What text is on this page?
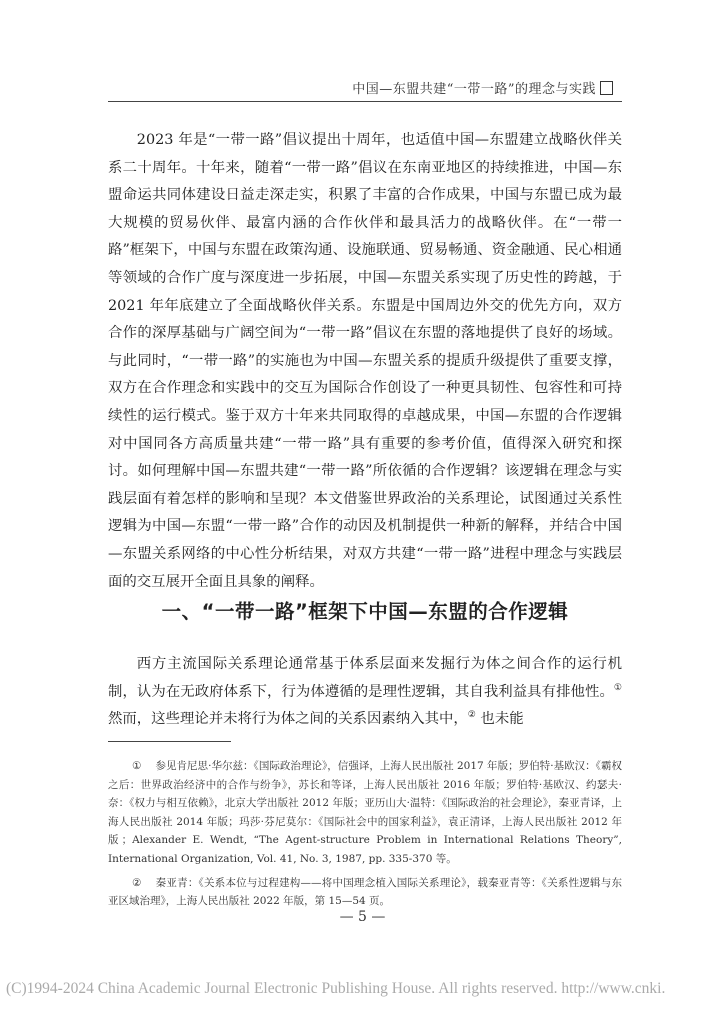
中国—东盟共建“一带一路”的理念与实践

2023 年是“一带一路”倡议提出十周年，也适值中国—东盟建立战略伙伴关系二十周年。十年来，随着“一带一路”倡议在东南亚地区的持续推进，中国—东盟命运共同体建设日益走深走实，积累了丰富的合作成果，中国与东盟已成为最大规模的贸易伙伴、最富内涵的合作伙伴和最具活力的战略伙伴。在“一带一路”框架下，中国与东盟在政策沟通、设施联通、贸易畅通、资金融通、民心相通等领域的合作广度与深度进一步拓展，中国—东盟关系实现了历史性的跨越，于 2021 年年底建立了全面战略伙伴关系。东盟是中国周边外交的优先方向，双方合作的深厚基础与广阔空间为“一带一路”倡议在东盟的落地提供了良好的场域。与此同时，“一带一路”的实施也为中国—东盟关系的提质升级提供了重要支撑，双方在合作理念和实践中的交互为国际合作创设了一种更具韧性、包容性和可持续性的运行模式。鉴于双方十年来共同取得的卓越成果，中国—东盟的合作逻辑对中国同各方高质量共建“一带一路”具有重要的参考价值，值得深入研究和探讨。如何理解中国—东盟共建“一带一路”所依循的合作逻辑？该逻辑在理念与实践层面有着怎样的影响和呈现？本文借鉴世界政治的关系理论，试图通过关系性逻辑为中国—东盟“一带一路”合作的动因及机制提供一种新的解释，并结合中国—东盟关系网络的中心性分析结果，对双方共建“一带一路”进程中理念与实践层面的交互展开全面且具象的阐释。

一、“一带一路”框架下中国—东盟的合作逻辑

西方主流国际关系理论通常基于体系层面来发掘行为体之间合作的运行机制，认为在无政府体系下，行为体遵循的是理性逻辑，其自我利益具有排他性。① 然而，这些理论并未将行为体之间的关系因素纳入其中，② 也未能

① 参见肯尼思·华尔兹：《国际政治理论》，信强译，上海人民出版社 2017 年版；罗伯特·基欧汉：《霸权之后：世界政治经济中的合作与纷争》，苏长和等译，上海人民出版社 2016 年版；罗伯特·基欧汉、约瑟夫·奈：《权力与相互依赖》，北京大学出版社 2012 年版；亚历山大·温特：《国际政治的社会理论》，秦亚青译，上海人民出版社 2014 年版；玛莎·芬尼莫尔：《国际社会中的国家利益》，袁正清译，上海人民出版社 2012 年版；Alexander E. Wendt, “The Agent-structure Problem in International Relations Theory”, International Organization, Vol. 41, No. 3, 1987, pp. 335-370 等。

② 秦亚青：《关系本位与过程建构——将中国理念植入国际关系理论》，载秦亚青等：《关系性逻辑与东亚区域治理》，上海人民出版社 2022 年版，第 15—54 页。

— 5 —
(C)1994-2024 China Academic Journal Electronic Publishing House. All rights reserved. http://www.cnki.
